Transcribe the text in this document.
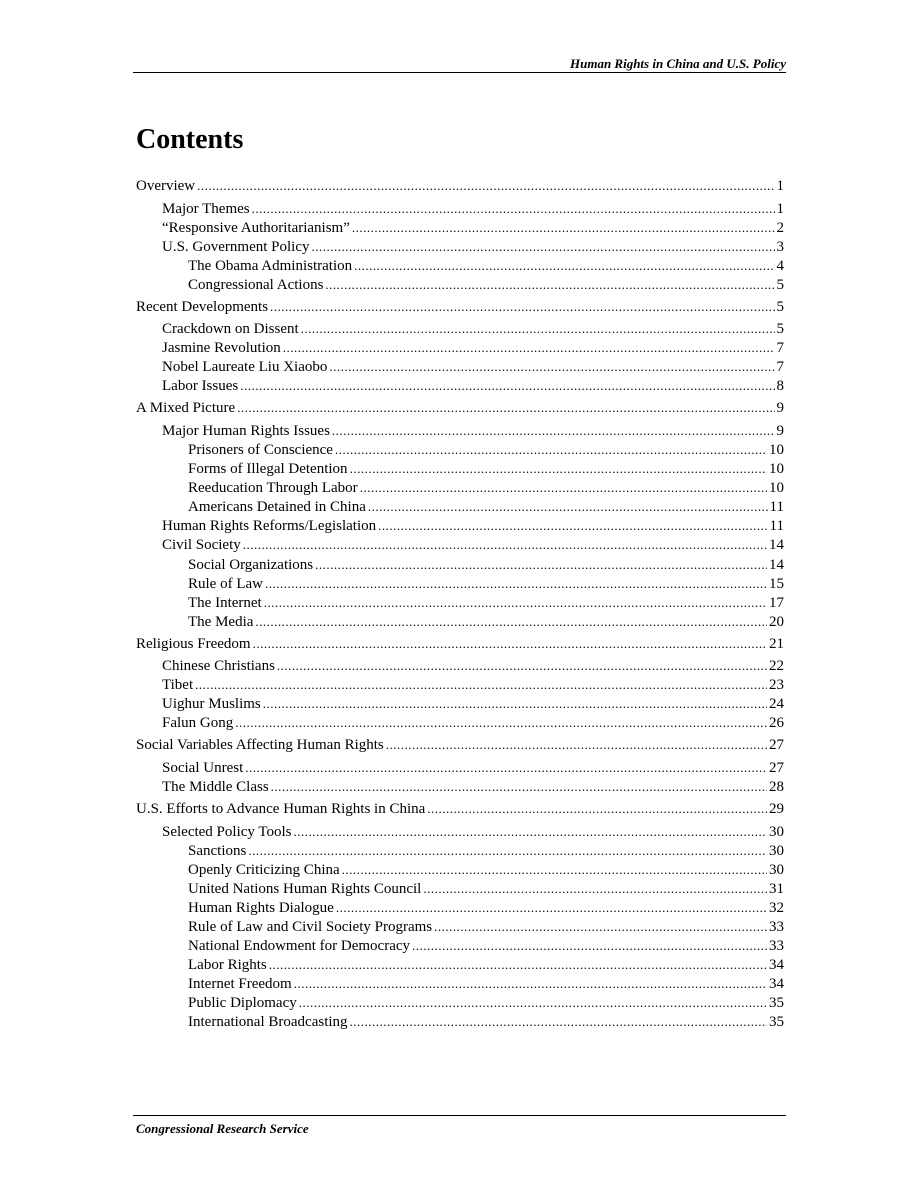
Human Rights in China and U.S. Policy
Contents
Overview .....	1
Major Themes .....	1
“Responsive Authoritarianism” .....	2
U.S. Government Policy .....	3
The Obama Administration .....	4
Congressional Actions .....	5
Recent Developments .....	5
Crackdown on Dissent .....	5
Jasmine Revolution .....	7
Nobel Laureate Liu Xiaobo .....	7
Labor Issues .....	8
A Mixed Picture .....	9
Major Human Rights Issues .....	9
Prisoners of Conscience .....	10
Forms of Illegal Detention .....	10
Reeducation Through Labor .....	10
Americans Detained in China .....	11
Human Rights Reforms/Legislation .....	11
Civil Society .....	14
Social Organizations .....	14
Rule of Law .....	15
The Internet .....	17
The Media .....	20
Religious Freedom .....	21
Chinese Christians .....	22
Tibet .....	23
Uighur Muslims .....	24
Falun Gong .....	26
Social Variables Affecting Human Rights .....	27
Social Unrest .....	27
The Middle Class .....	28
U.S. Efforts to Advance Human Rights in China .....	29
Selected Policy Tools .....	30
Sanctions .....	30
Openly Criticizing China .....	30
United Nations Human Rights Council .....	31
Human Rights Dialogue .....	32
Rule of Law and Civil Society Programs .....	33
National Endowment for Democracy .....	33
Labor Rights .....	34
Internet Freedom .....	34
Public Diplomacy .....	35
International Broadcasting .....	35
Congressional Research Service
